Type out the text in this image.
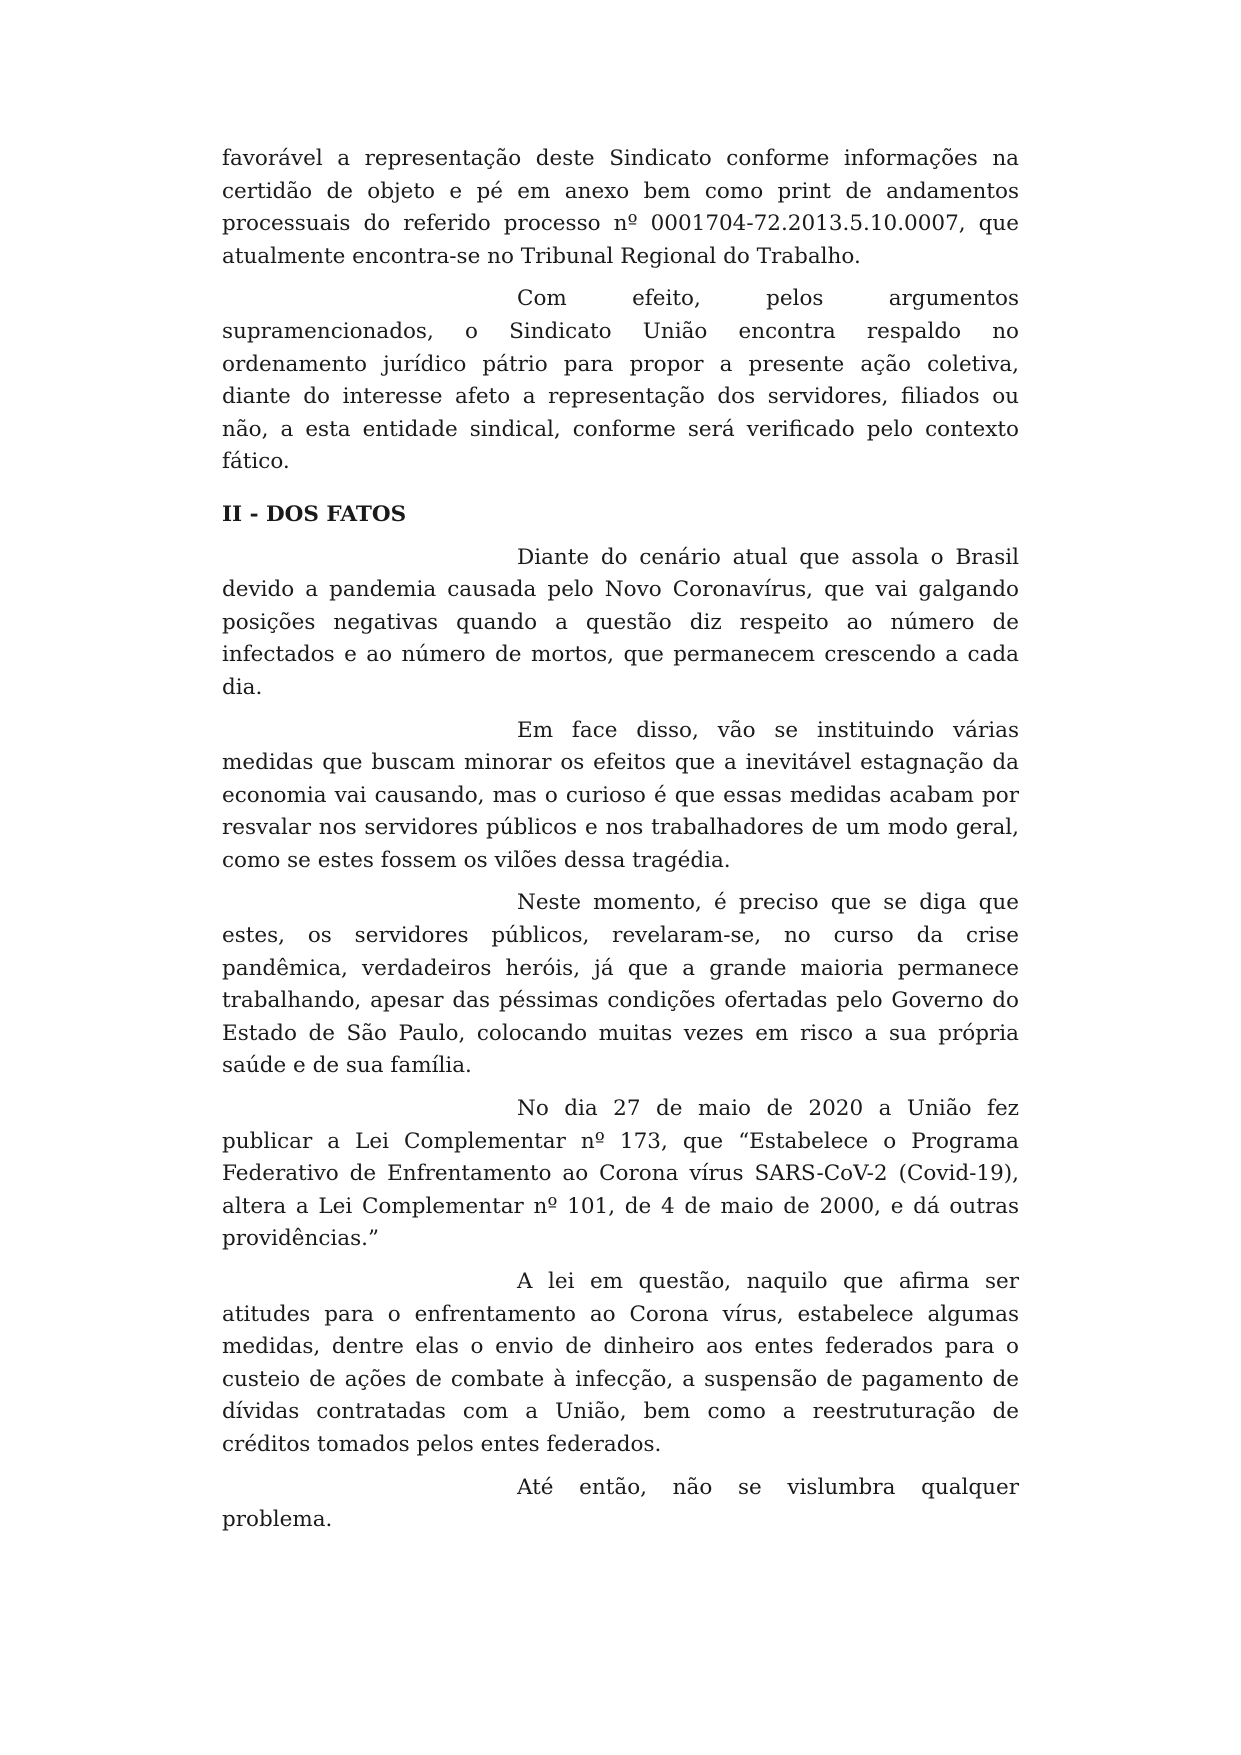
favorável a representação deste Sindicato conforme informações na certidão de objeto e pé em anexo bem como print de andamentos processuais do referido processo nº 0001704-72.2013.5.10.0007, que atualmente encontra-se no Tribunal Regional do Trabalho.

Com efeito, pelos argumentos supramencionados, o Sindicato União encontra respaldo no ordenamento jurídico pátrio para propor a presente ação coletiva, diante do interesse afeto a representação dos servidores, filiados ou não, a esta entidade sindical, conforme será verificado pelo contexto fático.

II - DOS FATOS

Diante do cenário atual que assola o Brasil devido a pandemia causada pelo Novo Coronavírus, que vai galgando posições negativas quando a questão diz respeito ao número de infectados e ao número de mortos, que permanecem crescendo a cada dia.

Em face disso, vão se instituindo várias medidas que buscam minorar os efeitos que a inevitável estagnação da economia vai causando, mas o curioso é que essas medidas acabam por resvalar nos servidores públicos e nos trabalhadores de um modo geral, como se estes fossem os vilões dessa tragédia.

Neste momento, é preciso que se diga que estes, os servidores públicos, revelaram-se, no curso da crise pandêmica, verdadeiros heróis, já que a grande maioria permanece trabalhando, apesar das péssimas condições ofertadas pelo Governo do Estado de São Paulo, colocando muitas vezes em risco a sua própria saúde e de sua família.

No dia 27 de maio de 2020 a União fez publicar a Lei Complementar nº 173, que “Estabelece o Programa Federativo de Enfrentamento ao Corona vírus SARS-CoV-2 (Covid-19), altera a Lei Complementar nº 101, de 4 de maio de 2000, e dá outras providências.”

A lei em questão, naquilo que afirma ser atitudes para o enfrentamento ao Corona vírus, estabelece algumas medidas, dentre elas o envio de dinheiro aos entes federados para o custeio de ações de combate à infecção, a suspensão de pagamento de dívidas contratadas com a União, bem como a reestruturação de créditos tomados pelos entes federados.

Até então, não se vislumbra qualquer problema.
